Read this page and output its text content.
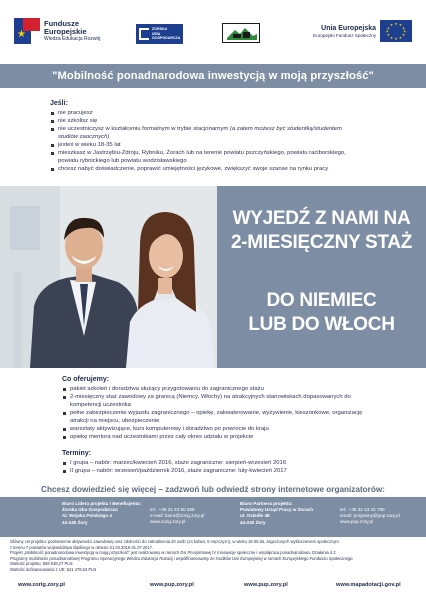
★
Fundusze
Europejskie
Wiedza Edukacja Rozwój
ŻORSKA
IZBA
GOSPODARCZA
Unia Europejska
Europejski Fundusz Społeczny
★ ★
★
★
★
★
★
★
★
★
★
★
"Mobilność ponadnarodowa inwestycją w moją przyszłość"
Jeśli:
nie pracujesz
nie szkolisz się
nie uczestniczysz w kształceniu formalnym w trybie stacjonarnym (a zatem możesz być studentką/studentem
studiów zaocznych)
jesteś w wieku 18-35 lat
mieszkasz w Jastrzębiu-Zdroju, Rybniku, Żorach lub na terenie powiatu pszczyńskiego, powiatu raciborskiego,
powiatu rybnickiego lub powiatu wodzisławskiego
chcesz nabyć doświadczenie, poprawić umiejętności językowe, zwiększyć swoje szanse na rynku pracy
WYJEDŹ Z NAMI NA
2-MIESIĘCZNY STAŻ
DO NIEMIEC
LUB DO WŁOCH
Co oferujemy:
pakiet szkoleń i doradztwa służący przygotowaniu do zagranicznego stażu
2-miesięczny staż zawodowy za granicą (Niemcy, Włochy) na atrakcyjnych stanowiskach dopasowanych do
kompetencji uczestnika
pełne zabezpieczenie wyjazdu zagranicznego – opiekę, zakwaterowanie, wyżywienie, kieszonkowe, organizację
atrakcji na miejscu, ubezpieczenie
warsztaty aktywizujące, kurs komputerowy i doradztwo po powrocie do kraju
opiekę mentora nad uczestnikami przez cały okres udziału w projekcie
Terminy:
I grupa – nabór: marzec/kwiecień 2016, staże zagraniczne: sierpień-wrzesień 2016
II grupa – nabór: wrzesień/październik 2016, staże zagraniczne: luty-kwiecień 2017
Chcesz dowiedzieć się więcej – zadzwoń lub odwiedź strony internetowe organizatorów:
Biuro Lidera projektu / Beneficjenta:
Żorska Izba Gospodarcza
Al. Wojska Polskiego 4
44-240 Żory
tel.: +48 32 43 50 306
e-mail: biuro@zorig.zory.pl
www.zorig.zory.pl
Biuro Partnera projektu:
Powiatowy Urząd Pracy w Żorach
ul. Osiedle 48
44-240 Żory
tel.: +48 32 43 42 790
email: programy@pup.zory.pl
www.pup.zory.pl
Główny cel projektu: podniesienie aktywności zawodowej oraz zdolności do zatrudnienia 20 osób (14 kobiet, 6 mężczyzn), w wieku 18-35 lat, zagrożonych wykluczeniem społecznym
z terenu 7 powiatów województwa śląskiego w okresie 01.03.2016-31.07.2017.
Projekt „Mobilność ponadnarodowa inwestycją w moją przyszłość” jest realizowany w ramach Osi Priorytetowej IV Innowacje społeczne i współpraca ponadnarodowa, Działania 4.2
Programy mobilności ponadnarodowej Programu Operacyjnego Wiedza Edukacja Rozwój i współfinansowany ze środków Unii Europejskiej w ramach Europejskiego Funduszu Społecznego.
Wartość projektu: 659 538,27 PLN
Wartość dofinansowania z UE: 621 478,63 PLN
www.zorig.zory.pl	www.pup.zory.pl	www.pup.zory.pl	www.mapadotacji.gov.pl
